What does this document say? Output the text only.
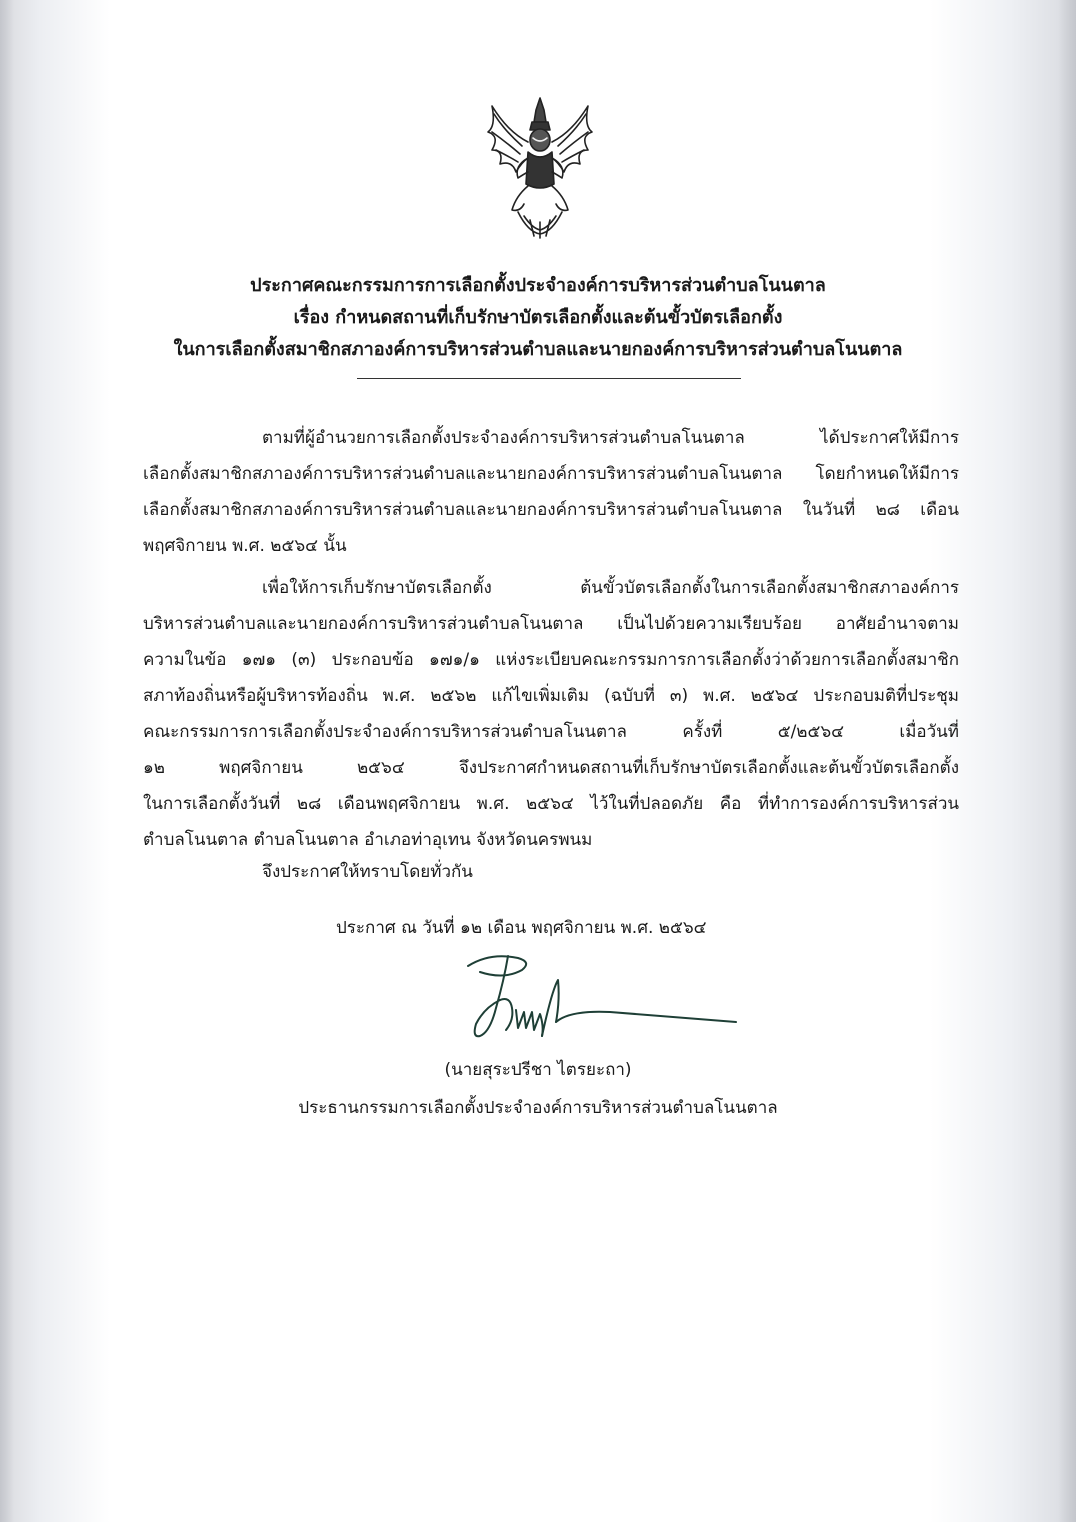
ประกาศคณะกรรมการการเลือกตั้งประจำองค์การบริหารส่วนตำบลโนนตาล
เรื่อง กำหนดสถานที่เก็บรักษาบัตรเลือกตั้งและต้นขั้วบัตรเลือกตั้ง
ในการเลือกตั้งสมาชิกสภาองค์การบริหารส่วนตำบลและนายกองค์การบริหารส่วนตำบลโนนตาล
ตามที่ผู้อำนวยการเลือกตั้งประจำองค์การบริหารส่วนตำบลโนนตาล ได้ประกาศให้มีการ
เลือกตั้งสมาชิกสภาองค์การบริหารส่วนตำบลและนายกองค์การบริหารส่วนตำบลโนนตาล โดยกำหนดให้มีการ
เลือกตั้งสมาชิกสภาองค์การบริหารส่วนตำบลและนายกองค์การบริหารส่วนตำบลโนนตาล ในวันที่ ๒๘ เดือน
พฤศจิกายน พ.ศ. ๒๕๖๔ นั้น
เพื่อให้การเก็บรักษาบัตรเลือกตั้ง ต้นขั้วบัตรเลือกตั้งในการเลือกตั้งสมาชิกสภาองค์การ
บริหารส่วนตำบลและนายกองค์การบริหารส่วนตำบลโนนตาล เป็นไปด้วยความเรียบร้อย อาศัยอำนาจตาม
ความในข้อ ๑๗๑ (๓) ประกอบข้อ ๑๗๑/๑ แห่งระเบียบคณะกรรมการการเลือกตั้งว่าด้วยการเลือกตั้งสมาชิก
สภาท้องถิ่นหรือผู้บริหารท้องถิ่น พ.ศ. ๒๕๖๒ แก้ไขเพิ่มเติม (ฉบับที่ ๓) พ.ศ. ๒๕๖๔ ประกอบมติที่ประชุม
คณะกรรมการการเลือกตั้งประจำองค์การบริหารส่วนตำบลโนนตาล ครั้งที่ ๕/๒๕๖๔ เมื่อวันที่
๑๒ พฤศจิกายน ๒๕๖๔ จึงประกาศกำหนดสถานที่เก็บรักษาบัตรเลือกตั้งและต้นขั้วบัตรเลือกตั้ง
ในการเลือกตั้งวันที่ ๒๘ เดือนพฤศจิกายน พ.ศ. ๒๕๖๔ ไว้ในที่ปลอดภัย คือ ที่ทำการองค์การบริหารส่วน
ตำบลโนนตาล ตำบลโนนตาล อำเภอท่าอุเทน จังหวัดนครพนม
จึงประกาศให้ทราบโดยทั่วกัน
ประกาศ ณ วันที่ ๑๒ เดือน พฤศจิกายน พ.ศ. ๒๕๖๔
(นายสุระปรีชา ไตรยะถา)
ประธานกรรมการเลือกตั้งประจำองค์การบริหารส่วนตำบลโนนตาล
